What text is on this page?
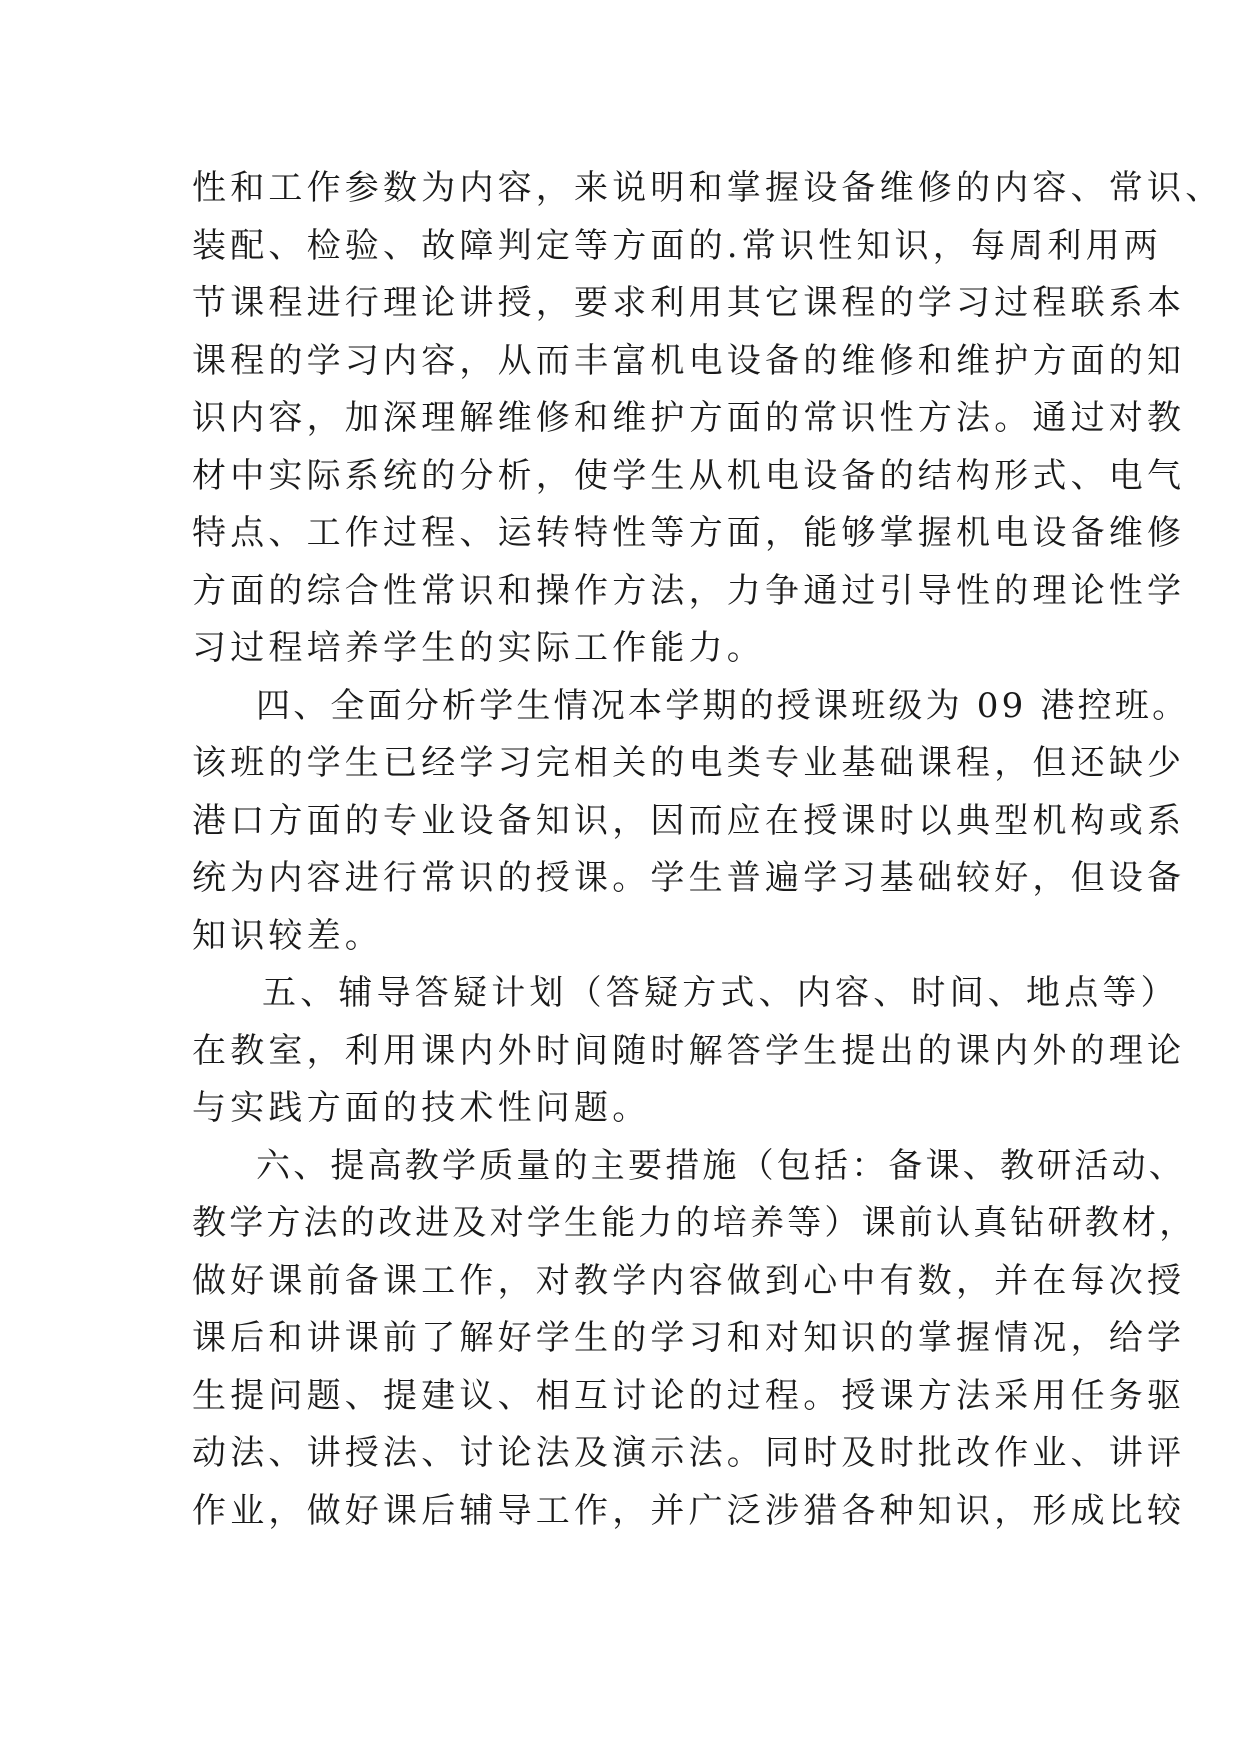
性和工作参数为内容，来说明和掌握设备维修的内容、常识、
装配、检验、故障判定等方面的.常识性知识，每周利用两
节课程进行理论讲授，要求利用其它课程的学习过程联系本
课程的学习内容，从而丰富机电设备的维修和维护方面的知
识内容，加深理解维修和维护方面的常识性方法。通过对教
材中实际系统的分析，使学生从机电设备的结构形式、电气
特点、工作过程、运转特性等方面，能够掌握机电设备维修
方面的综合性常识和操作方法，力争通过引导性的理论性学
习过程培养学生的实际工作能力。
四、全面分析学生情况本学期的授课班级为 09 港控班。
该班的学生已经学习完相关的电类专业基础课程，但还缺少
港口方面的专业设备知识，因而应在授课时以典型机构或系
统为内容进行常识的授课。学生普遍学习基础较好，但设备
知识较差。
五、辅导答疑计划（答疑方式、内容、时间、地点等）
在教室，利用课内外时间随时解答学生提出的课内外的理论
与实践方面的技术性问题。
六、提高教学质量的主要措施（包括：备课、教研活动、
教学方法的改进及对学生能力的培养等）课前认真钻研教材，
做好课前备课工作，对教学内容做到心中有数，并在每次授
课后和讲课前了解好学生的学习和对知识的掌握情况，给学
生提问题、提建议、相互讨论的过程。授课方法采用任务驱
动法、讲授法、讨论法及演示法。同时及时批改作业、讲评
作业，做好课后辅导工作，并广泛涉猎各种知识，形成比较
